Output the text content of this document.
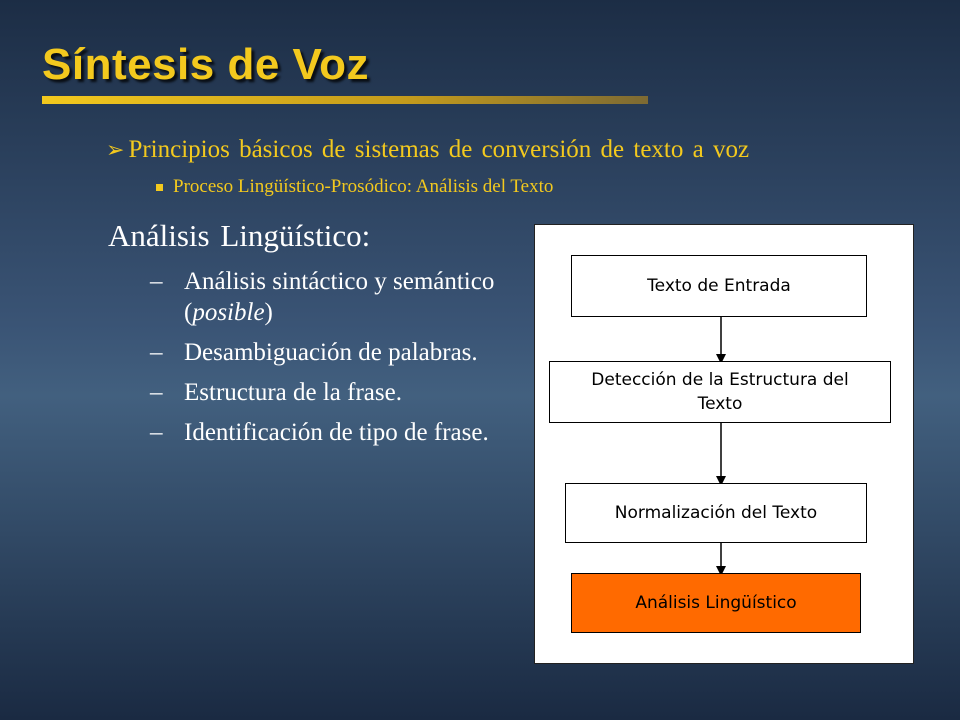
Síntesis de Voz
➢ Principios básicos de sistemas de conversión de texto a voz
Proceso Lingüístico-Prosódico: Análisis del Texto
Análisis Lingüístico:
– Análisis sintáctico y semántico (posible)
– Desambiguación de palabras.
– Estructura de la frase.
– Identificación de tipo de frase.
Texto de Entrada
Detección de la Estructura del Texto
Normalización del Texto
Análisis Lingüístico
